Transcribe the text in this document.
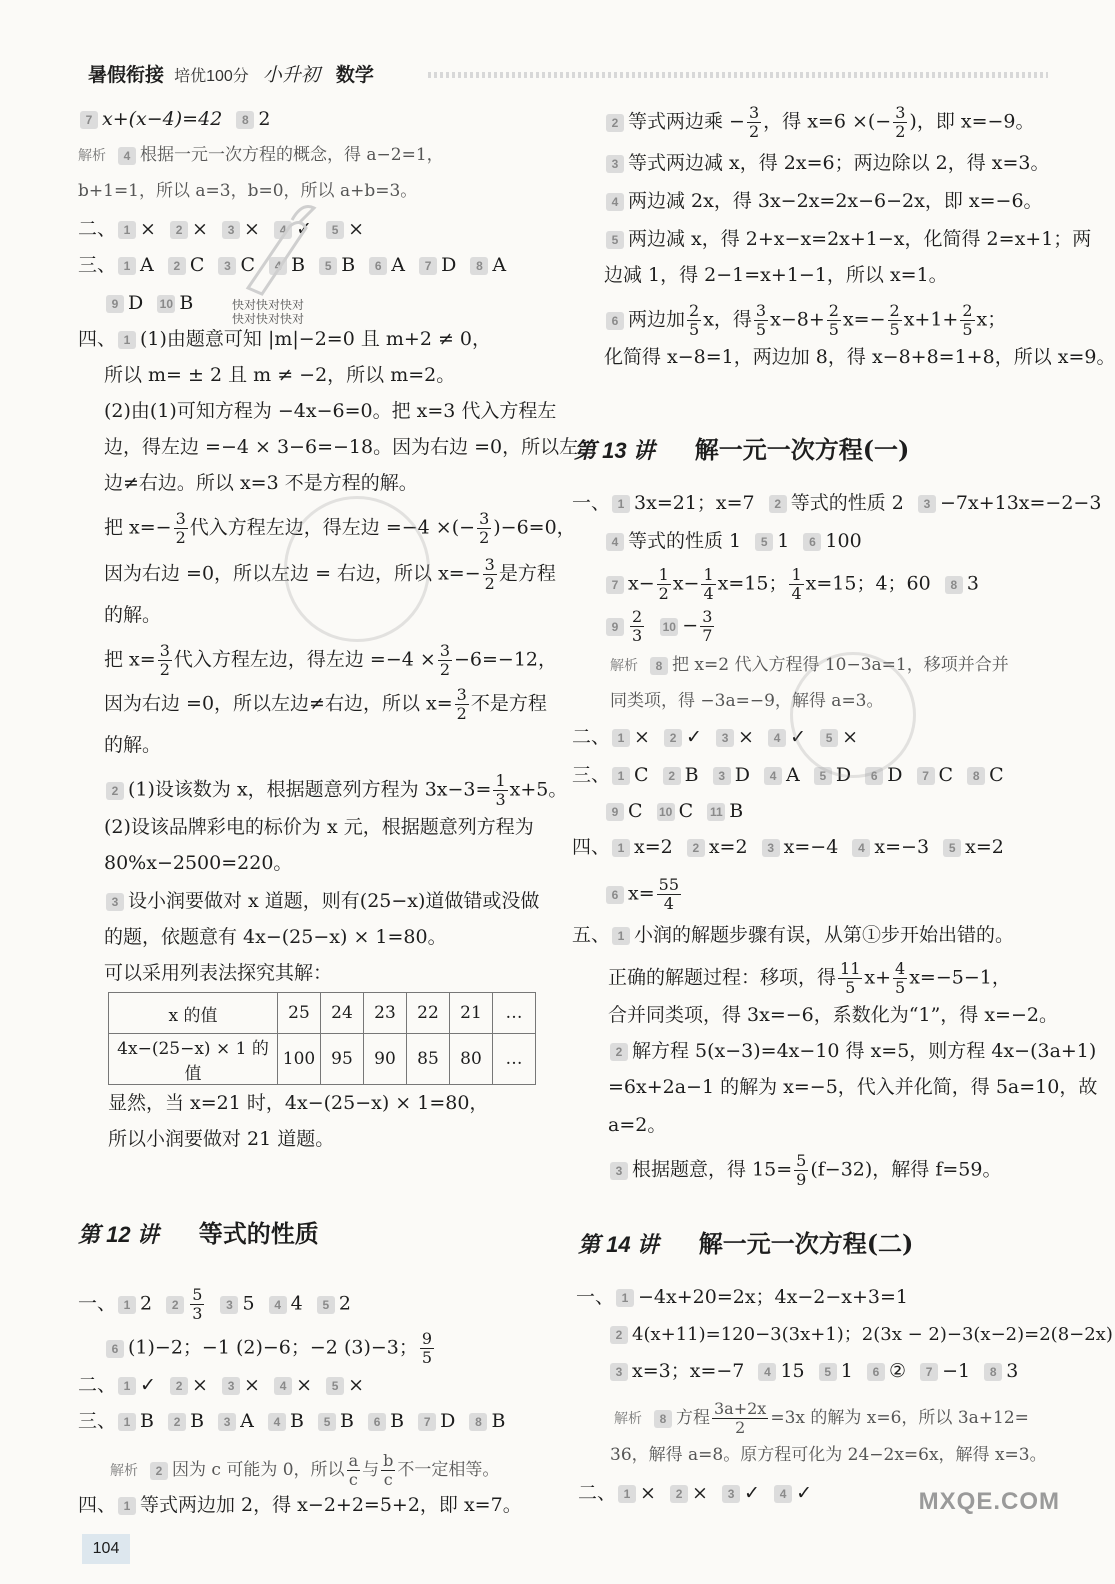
暑假衔接 培优100分 小升初 数学
7 x+(x−4)=42 8 2
解析 4 根据一元一次方程的概念，得 a−2=1，
b+1=1，所以 a=3，b=0，所以 a+b=3。
二、 1 × 2 × 3 × 4 ✓ 5 ×
三、 1 A 2 C 3 C 4 B 5 B 6 A 7 D 8 A
9 D 10 B
四、 1 (1)由题意可知 |m|−2=0 且 m+2 ≠ 0，
所以 m= ± 2 且 m ≠ −2，所以 m=2。
(2)由(1)可知方程为 −4x−6=0。把 x=3 代入方程左
边，得左边 =−4 × 3−6=−18。因为右边 =0，所以左
边≠右边。所以 x=3 不是方程的解。
把 $x=- \frac{3}{2}$ 代入方程左边，得左边 =−4 ×(− $\frac{3}{2} )-6=0$，
因为右边 =0，所以左边 = 右边，所以 $x=- \frac{3}{2}$ 是方程
的解。
把 $x= \frac{3}{2}$ 代入方程左边，得左边 $=-4 \times \frac{3}{2} -6=-12$，
因为右边 =0，所以左边≠右边，所以 $x= \frac{3}{2}$ 不是方程
的解。
2 (1)设该数为 x，根据题意列方程为 $3x-3= \frac{1}{3} x+5$。
(2)设该品牌彩电的标价为 x 元，根据题意列方程为
80%x−2500=220。
3 设小润要做对 x 道题，则有(25−x)道做错或没做
的题，依题意有 4x−(25−x) × 1=80。
可以采用列表法探究其解：
x 的值	25	24	23	22	21	…
4x−(25−x) × 1 的值	100	95	90	85	80	…
显然，当 x=21 时，4x−(25−x) × 1=80，
所以小润要做对 21 道题。
第 12 讲 等式的性质
一、 1 2 $2 \frac{5}{3} 3$ 5 4 4 5 2
6 (1)−2；−1 (2)−6；−2 (3)−3； $\frac{9}{5}$
二、 1 ✓ 2 × 3 × 4 × 5 ×
三、 1 B 2 B 3 A 4 B 5 B 6 B 7 D 8 B
解析 2 因为 c 可能为 0，所以 $\frac{a}{c}$ 与 $\frac{b}{c}$ 不一定相等。
四、 1 等式两边加 2，得 x−2+2=5+2，即 x=7。
2 等式两边乘 − $\frac{3}{2}$ ，得 x=6 ×(− $\frac{3}{2}$ )，即 x=−9。
3 等式两边减 x，得 2x=6；两边除以 2，得 x=3。
4 两边减 2x，得 3x−2x=2x−6−2x，即 x=−6。
5 两边减 x，得 2+x−x=2x+1−x，化简得 2=x+1；两
边减 1，得 2−1=x+1−1，所以 x=1。
6 两边加 $\frac{2}{5}$ x，得 $\frac{3}{5} x-8+ \frac{2}{5} x=- \frac{2}{5} x+1+ \frac{2}{5}$ x；
化简得 x−8=1，两边加 8，得 x−8+8=1+8，所以 x=9。
第 13 讲 解一元一次方程(一)
一、 1 3x=21；x=7 2 等式的性质 2 3 −7x+13x=−2−3
4 等式的性质 1 5 1 6 100
7 $x- \frac{1}{2} x- \frac{1}{4} x=15$； $\frac{1}{4} x=15$；4；60 8 3
$9 \frac{2}{3} 10 - \frac{3}{7}$
解析 8 把 x=2 代入方程得 10−3a=1，移项并合并
同类项，得 −3a=−9，解得 a=3。
二、 1 × 2 ✓ 3 × 4 ✓ 5 ×
三、 1 C 2 B 3 D 4 A 5 D 6 D 7 C 8 C
9 C 10 C 11 B
四、 1 x=2 2 x=2 3 x=−4 4 x=−3 5 x=2
6 $x= \frac{55}{4}$
五、 1 小润的解题步骤有误，从第①步开始出错的。
正确的解题过程：移项，得 $\frac{11}{5} x+ \frac{4}{5} x=-5-1$，
合并同类项，得 3x=−6，系数化为“1”，得 x=−2。
2 解方程 5(x−3)=4x−10 得 x=5，则方程 4x−(3a+1)
=6x+2a−1 的解为 x=−5，代入并化简，得 5a=10，故
a=2。
3 根据题意，得 $15= \frac{5}{9} (f-32)$，解得 f=59。
第 14 讲 解一元一次方程(二)
一、 1 −4x+20=2x；4x−2−x+3=1
2 4(x+11)=120−3(3x+1)；2(3x − 2)−3(x−2)=2(8−2x)
3 x=3；x=−7 4 15 5 1 6 ② 7 −1 8 3
解析 8 方程 $\frac{3a+2x}{2} =3x$ 的解为 x=6，所以 3a+12=
36，解得 a=8。原方程可化为 24−2x=6x，解得 x=3。
二、 1 × 2 × 3 ✓ 4 ✓
快对快对快对
快对快对快对
MXQE.COM
104
